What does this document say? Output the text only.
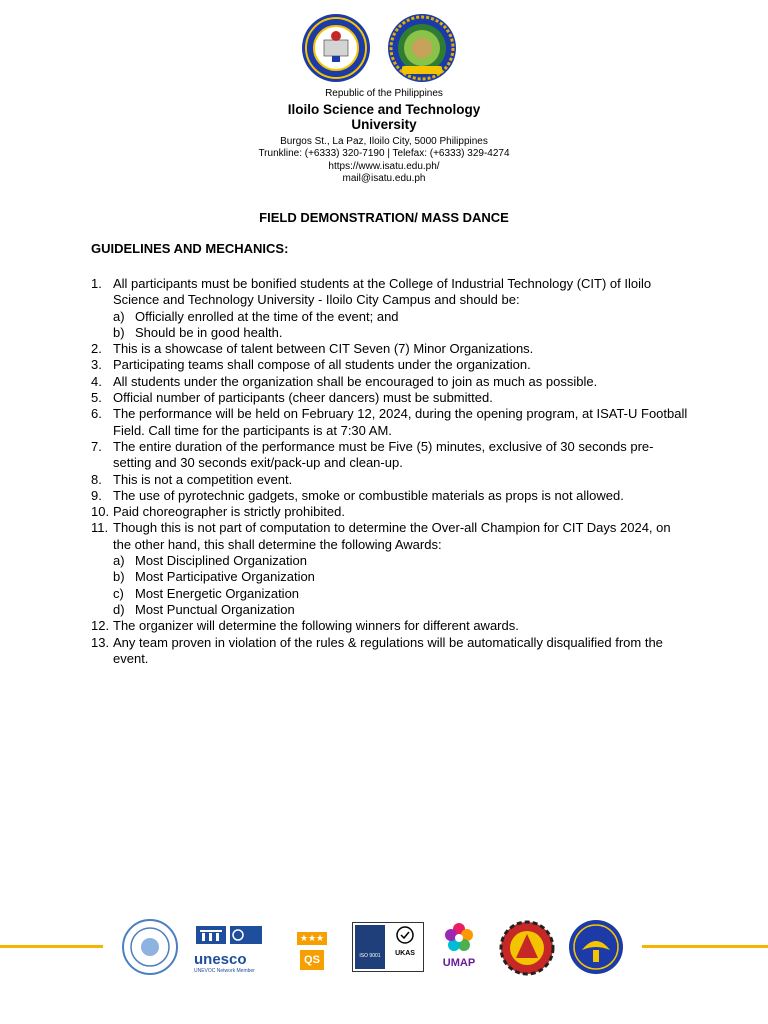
Republic of the Philippines
Iloilo Science and Technology
University
Burgos St., La Paz, Iloilo City, 5000 Philippines
Trunkline: (+6333) 320-7190 | Telefax: (+6333) 329-4274
https://www.isatu.edu.ph/
mail@isatu.edu.ph
FIELD DEMONSTRATION/ MASS DANCE
GUIDELINES AND MECHANICS:
1. All participants must be bonified students at the College of Industrial Technology (CIT) of Iloilo Science and Technology University - Iloilo City Campus and should be:
a) Officially enrolled at the time of the event; and
b) Should be in good health.
2. This is a showcase of talent between CIT Seven (7) Minor Organizations.
3. Participating teams shall compose of all students under the organization.
4. All students under the organization shall be encouraged to join as much as possible.
5. Official number of participants (cheer dancers) must be submitted.
6. The performance will be held on February 12, 2024, during the opening program, at ISAT-U Football Field. Call time for the participants is at 7:30 AM.
7. The entire duration of the performance must be Five (5) minutes, exclusive of 30 seconds pre-setting and 30 seconds exit/pack-up and clean-up.
8. This is not a competition event.
9. The use of pyrotechnic gadgets, smoke or combustible materials as props is not allowed.
10. Paid choreographer is strictly prohibited.
11. Though this is not part of computation to determine the Over-all Champion for CIT Days 2024, on the other hand, this shall determine the following Awards:
a) Most Disciplined Organization
b) Most Participative Organization
c) Most Energetic Organization
d) Most Punctual Organization
12. The organizer will determine the following winners for different awards.
13. Any team proven in violation of the rules & regulations will be automatically disqualified from the event.
unesco
UNEVOC Network Member
★★★
QS	ISO 9001	UKAS
UMAP
